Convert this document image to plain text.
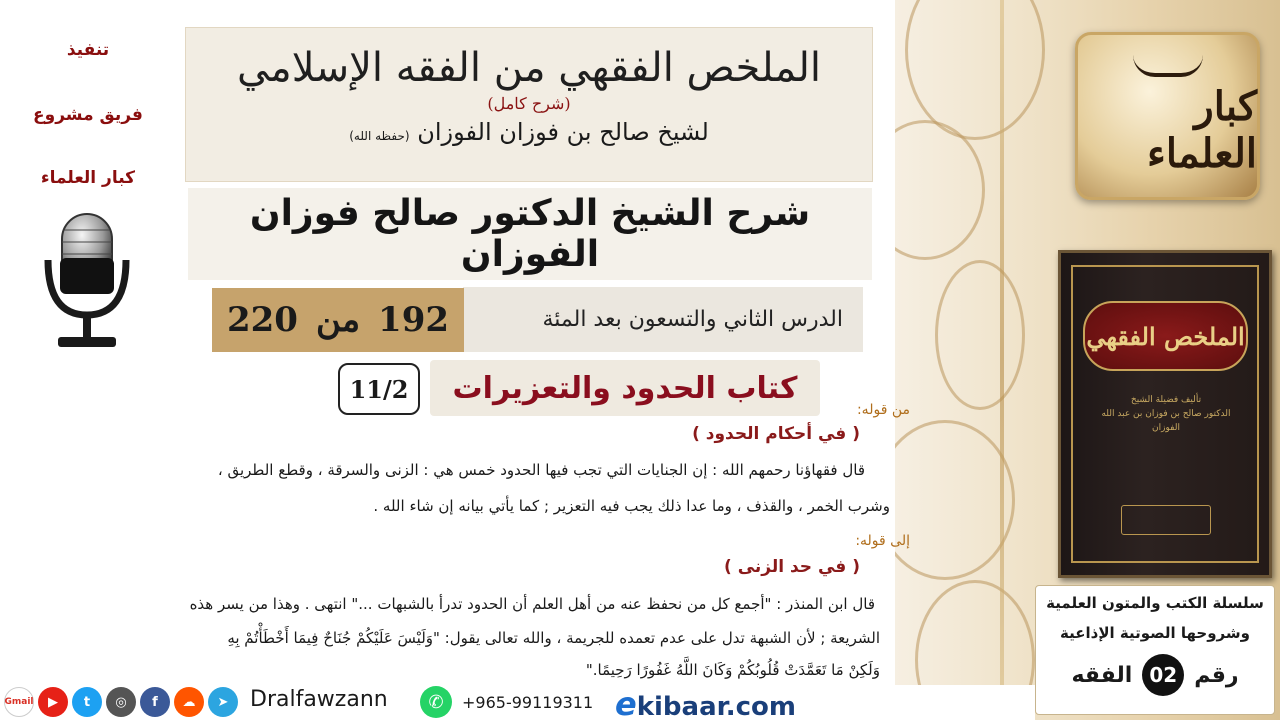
كبار العلماء
الملخص الفقهي
تأليف فضيلة الشيخ
الدكتور صالح بن فوزان بن عبد الله الفوزان
سلسلة الكتب والمتون العلمية
وشروحها الصوتية الإذاعية
رقم
02
الفقه
تنفيذ
فريق مشروع
كبار العلماء
الملخص الفقهي من الفقه الإسلامي
(شرح كامل)
لشيخ صالح بن فوزان الفوزان (حفظه الله)
شرح الشيخ الدكتور صالح فوزان الفوزان
الدرس الثاني والتسعون بعد المئة
192
من
220
كتاب الحدود والتعزيرات
11/2
من قوله:
( في أحكام الحدود )
قال فقهاؤنا رحمهم الله : إن الجنايات التي تجب فيها الحدود خمس هي : الزنى والسرقة ، وقطع الطريق ،
وشرب الخمر ، والقذف ، وما عدا ذلك يجب فيه التعزير ; كما يأتي بيانه إن شاء الله .
إلى قوله:
( في حد الزنى )
قال ابن المنذر : "أجمع كل من نحفظ عنه من أهل العلم أن الحدود تدرأ بالشبهات ..." انتهى . وهذا من يسر هذه
الشريعة ; لأن الشبهة تدل على عدم تعمده للجريمة ، والله تعالى يقول: "وَلَيْسَ عَلَيْكُمْ جُنَاحٌ فِيمَا أَخْطَأْتُمْ بِهِ
وَلَكِنْ مَا تَعَمَّدَتْ قُلُوبُكُمْ وَكَانَ اللَّهُ غَفُورًا رَحِيمًا."
Gmail	▶	t	◎	f	☁	➤ Dralfawzann	✆	+965-99119311 ekibaar.com
